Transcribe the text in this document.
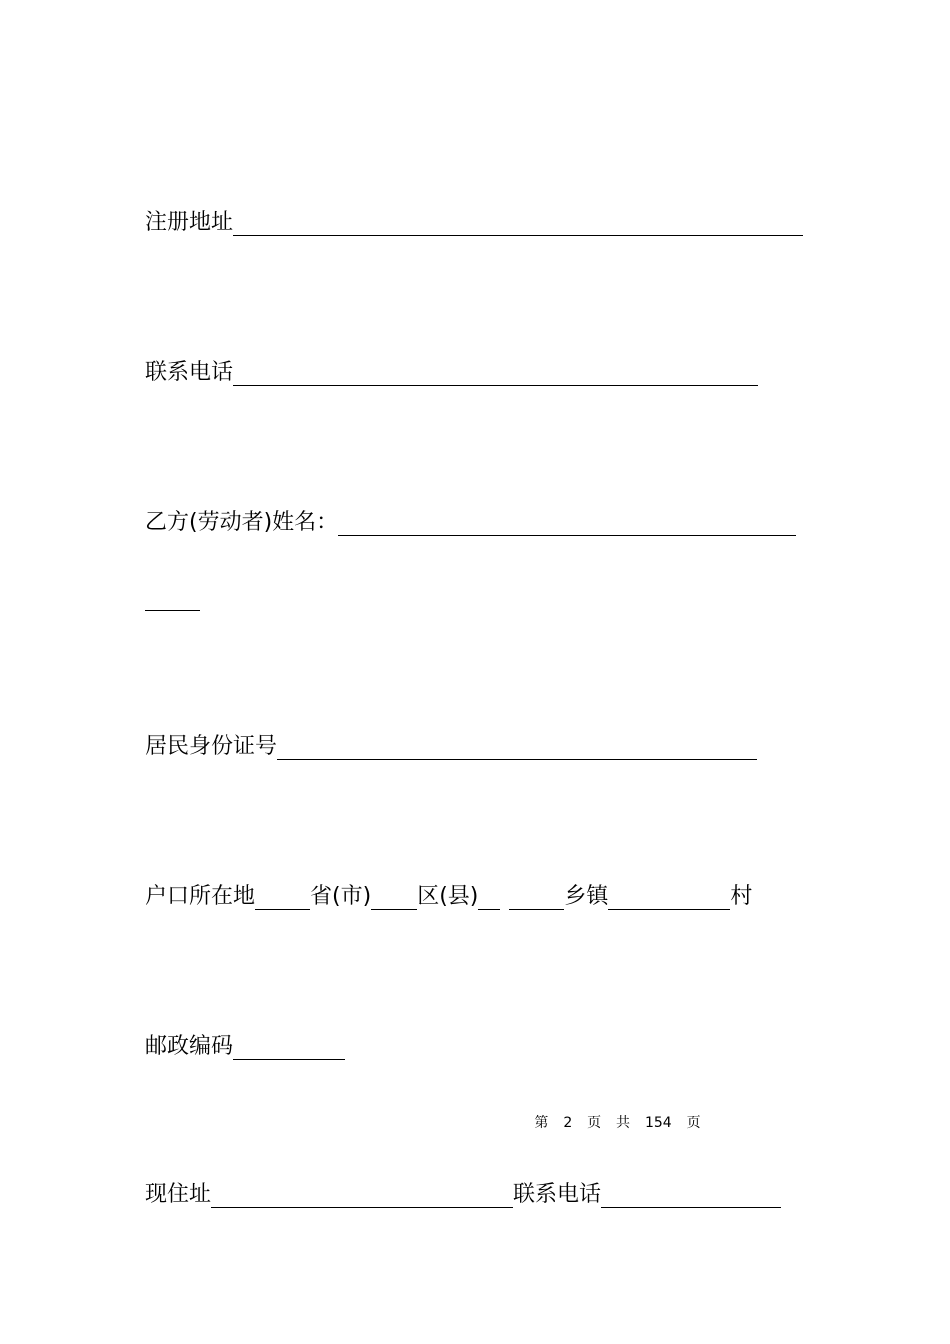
注册地址
联系电话
乙方(劳动者)姓名：
居民身份证号
户口所在地	省(市) 区(县)	乡镇	村
邮政编码
第 2 页 共 154 页
现住址	联系电话
